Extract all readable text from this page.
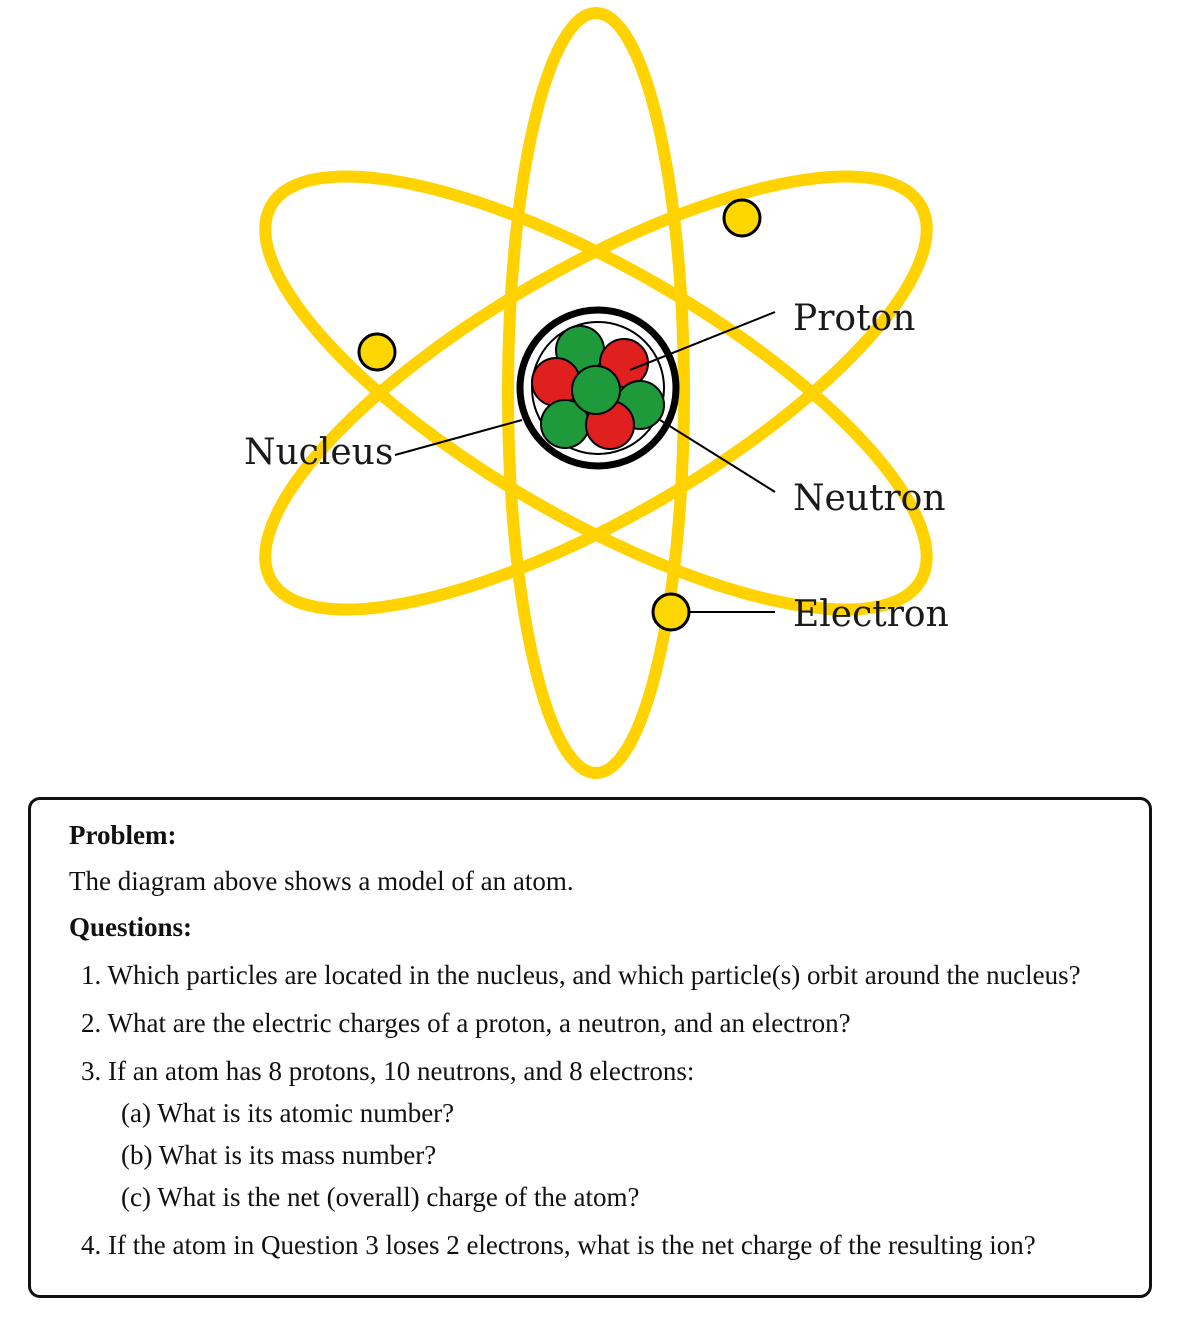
Proton
Neutron
Electron
Nucleus
Problem:
The diagram above shows a model of an atom.
Questions:
1. Which particles are located in the nucleus, and which particle(s) orbit around the nucleus?
2. What are the electric charges of a proton, a neutron, and an electron?
3. If an atom has 8 protons, 10 neutrons, and 8 electrons:
(a) What is its atomic number?
(b) What is its mass number?
(c) What is the net (overall) charge of the atom?
4. If the atom in Question 3 loses 2 electrons, what is the net charge of the resulting ion?
